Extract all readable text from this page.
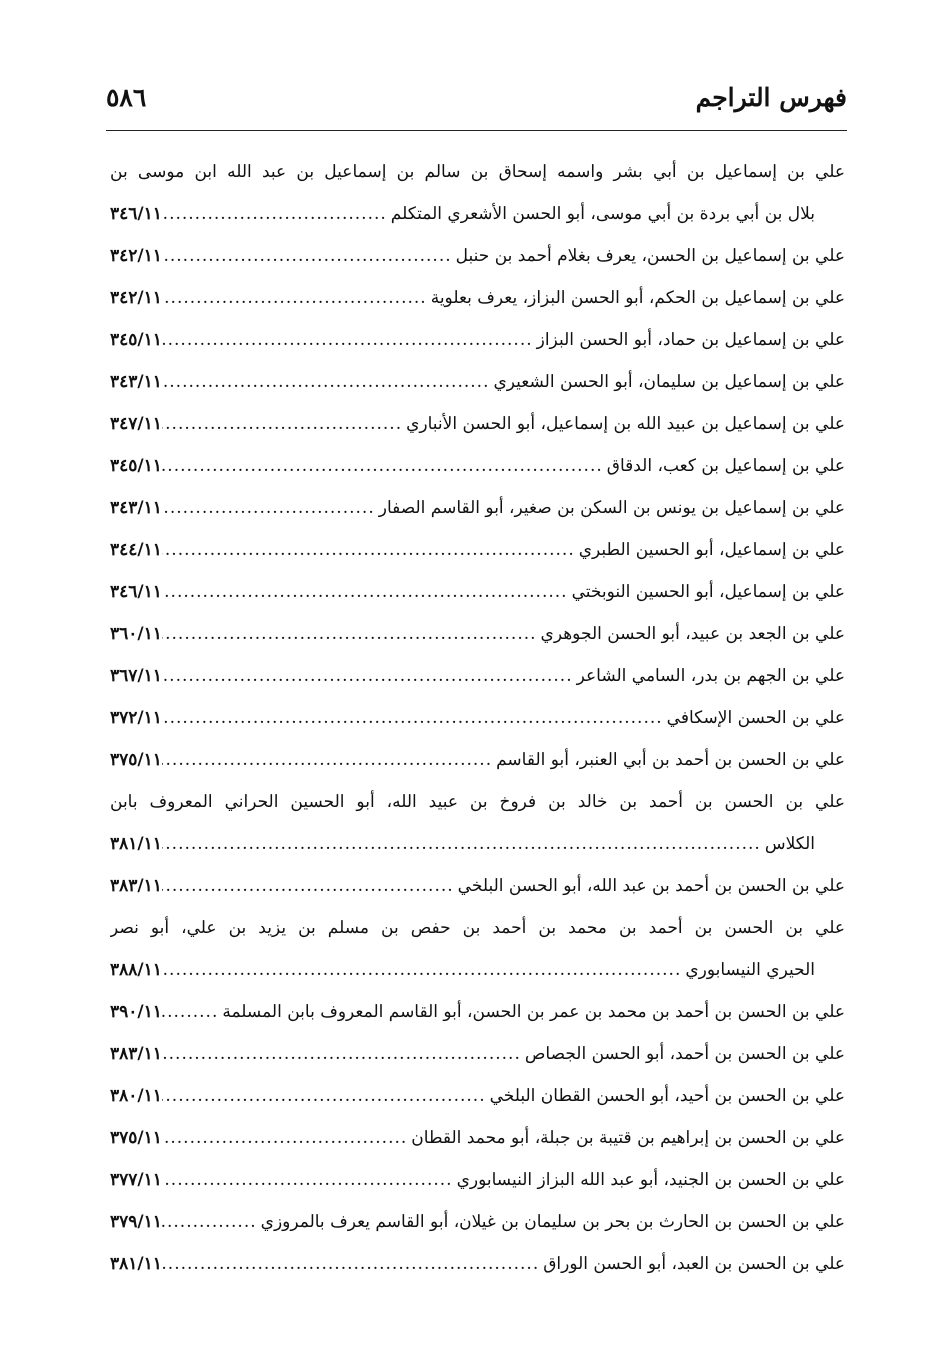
فهرس التراجم
٥٨٦
علي بن إسماعيل بن أبي بشر واسمه إسحاق بن سالم بن إسماعيل بن عبد الله ابن موسى بن
بلال بن أبي بردة بن أبي موسى، أبو الحسن الأشعري المتكلم
.....
٣٤٦/١١
علي بن إسماعيل بن الحسن، يعرف بغلام أحمد بن حنبل
.....
٣٤٢/١١
علي بن إسماعيل بن الحكم، أبو الحسن البزاز، يعرف بعلوية
.....
٣٤٢/١١
علي بن إسماعيل بن حماد، أبو الحسن البزاز
.....
٣٤٥/١١
علي بن إسماعيل بن سليمان، أبو الحسن الشعيري
.....
٣٤٣/١١
علي بن إسماعيل بن عبيد الله بن إسماعيل، أبو الحسن الأنباري
.....
٣٤٧/١١
علي بن إسماعيل بن كعب، الدقاق
.....
٣٤٥/١١
علي بن إسماعيل بن يونس بن السكن بن صغير، أبو القاسم الصفار
.....
٣٤٣/١١
علي بن إسماعيل، أبو الحسين الطبري
.....
٣٤٤/١١
علي بن إسماعيل، أبو الحسين النوبختي
.....
٣٤٦/١١
علي بن الجعد بن عبيد، أبو الحسن الجوهري
.....
٣٦٠/١١
علي بن الجهم بن بدر، السامي الشاعر
.....
٣٦٧/١١
علي بن الحسن الإسكافي
.....
٣٧٢/١١
علي بن الحسن بن أحمد بن أبي العنبر، أبو القاسم
.....
٣٧٥/١١
علي بن الحسن بن أحمد بن خالد بن فروخ بن عبيد الله، أبو الحسين الحراني المعروف بابن
الكلاس
.....
٣٨١/١١
علي بن الحسن بن أحمد بن عبد الله، أبو الحسن البلخي
.....
٣٨٣/١١
علي بن الحسن بن أحمد بن محمد بن أحمد بن حفص بن مسلم بن يزيد بن علي، أبو نصر
الحيري النيسابوري
.....
٣٨٨/١١
علي بن الحسن بن أحمد بن محمد بن عمر بن الحسن، أبو القاسم المعروف بابن المسلمة
.....
٣٩٠/١١
علي بن الحسن بن أحمد، أبو الحسن الجصاص
.....
٣٨٣/١١
علي بن الحسن بن أحيد، أبو الحسن القطان البلخي
.....
٣٨٠/١١
علي بن الحسن بن إبراهيم بن قتيبة بن جبلة، أبو محمد القطان
.....
٣٧٥/١١
علي بن الحسن بن الجنيد، أبو عبد الله البزاز النيسابوري
.....
٣٧٧/١١
علي بن الحسن بن الحارث بن بحر بن سليمان بن غيلان، أبو القاسم يعرف بالمروزي
.....
٣٧٩/١١
علي بن الحسن بن العبد، أبو الحسن الوراق
.....
٣٨١/١١
